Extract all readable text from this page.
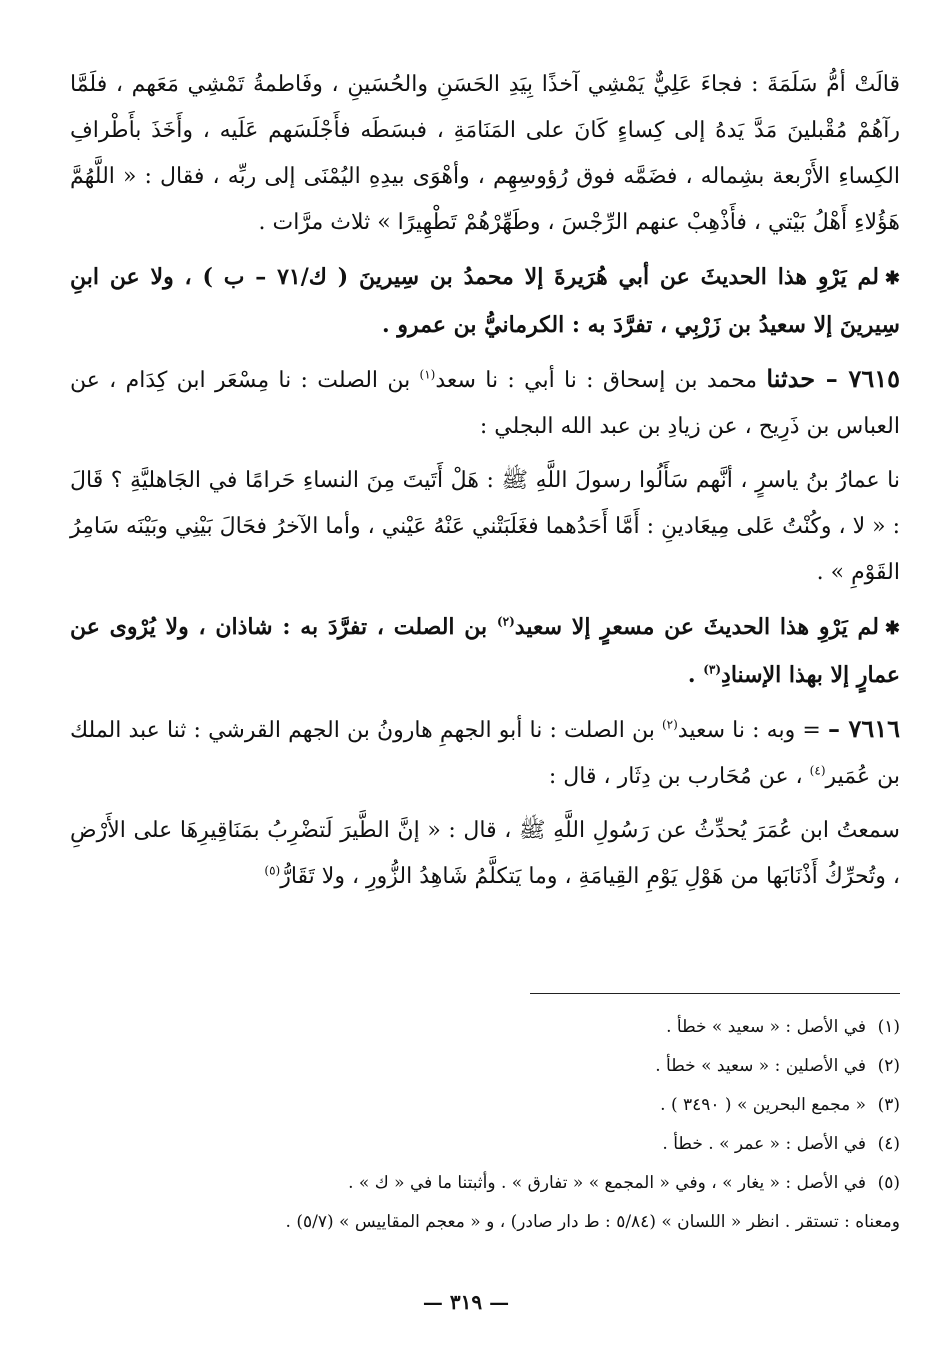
قالَتْ أمُّ سَلَمَةَ : فجاءَ عَلِيٌّ يَمْشِي آخذًا بِيَدِ الحَسَنِ والحُسَينِ ، وفَاطمةُ تَمْشِي مَعَهم ، فلَمَّا رآهُمْ مُقْبلينَ مَدَّ يَدهُ إلى كِساءٍ كَانَ على المَنَامَةِ ، فبسَطَه فأَجْلَسَهم عَلَيه ، وأَخَذَ بأَطْرافِ الكِساءِ الأَرْبعة بشِماله ، فضَمَّه فوق رُؤوسِهِم ، وأهْوَى بيدِهِ اليُمْنَى إلى ربِّه ، فقال : « اللَّهُمَّ هَؤُلاءِ أَهْلُ بَيْتي ، فأَذْهِبْ عنهم الرِّجْسَ ، وطَهِّرْهُمْ تَطْهِيرًا » ثلاث مرَّات .

✱لم يَرْوِ هذا الحديثَ عن أبي هُرَيرةَ إلا محمدُ بن سِيرينَ ( ك/٧١ – ب ) ، ولا عن ابنِ سِيرينَ إلا سعيدُ بن زَرْبِي ، تفرَّدَ به : الكرمانيُّ بن عمرو .

٧٦١٥ – حدثنا محمد بن إسحاق : نا أبي : نا سعد$^{(١)}$ بن الصلت : نا مِسْعَر ابن كِدَام ، عن العباس بن ذَرِيح ، عن زيادِ بن عبد الله البجلي :

نا عمارُ بنُ ياسرٍ ، أنَّهم سَأَلُوا رسولَ اللَّهِ ﷺ : هَلْ أَتَيتَ مِنَ النساءِ حَرامًا في الجَاهليَّةِ ؟ قَالَ : « لا ، وكُنْتُ عَلى مِيعَادينِ : أَمَّا أَحَدُهما فغَلَبَتْني عَنْهُ عَيْني ، وأما الآخرُ فحَالَ بَيْنِي وبَيْنَه سَامِرُ القَوْمِ » .

✱لم يَرْوِ هذا الحديثَ عن مسعرٍ إلا سعيد$^{(٢)}$ بن الصلت ، تفرَّدَ به : شاذان ، ولا يُرْوى عن عمارٍ إلا بهذا الإسنادِ$^{(٣)}$ .

٧٦١٦ – = وبه : نا سعيد$^{(٢)}$ بن الصلت : نا أبو الجهمِ هارونُ بن الجهم القرشي : ثنا عبد الملك بن عُمَير$^{(٤)}$ ، عن مُحَارب بن دِثَار ، قال :

سمعتُ ابن عُمَرَ يُحدِّثُ عن رَسُولِ اللَّهِ ﷺ ، قال : « إنَّ الطَّيرَ لَتضْرِبُ بمَنَاقِيرِهَا على الأَرْضِ ، وتُحرِّكُ أَذْنَابَها من هَوْلِ يَوْمِ القِيامَةِ ، وما يَتكلَّمُ شَاهِدُ الزُّورِ ، ولا تَقَارُّ$^{(٥)}$

(١)في الأصل : « سعيد » خطأ .
(٢)في الأصلين : « سعيد » خطأ .
(٣)« مجمع البحرين » ( ٣٤٩٠ ) .
(٤)في الأصل : « عمر » . خطأ .
(٥)في الأصل : « يغار » ، وفي « المجمع » « تفارق » . وأثبتنا ما في « ك » .
ومعناه : تستقر . انظر « اللسان » (٥/٨٤ : ط دار صادر) ، و « معجم المقاييس » (٥/٧) .
— ٣١٩ —
